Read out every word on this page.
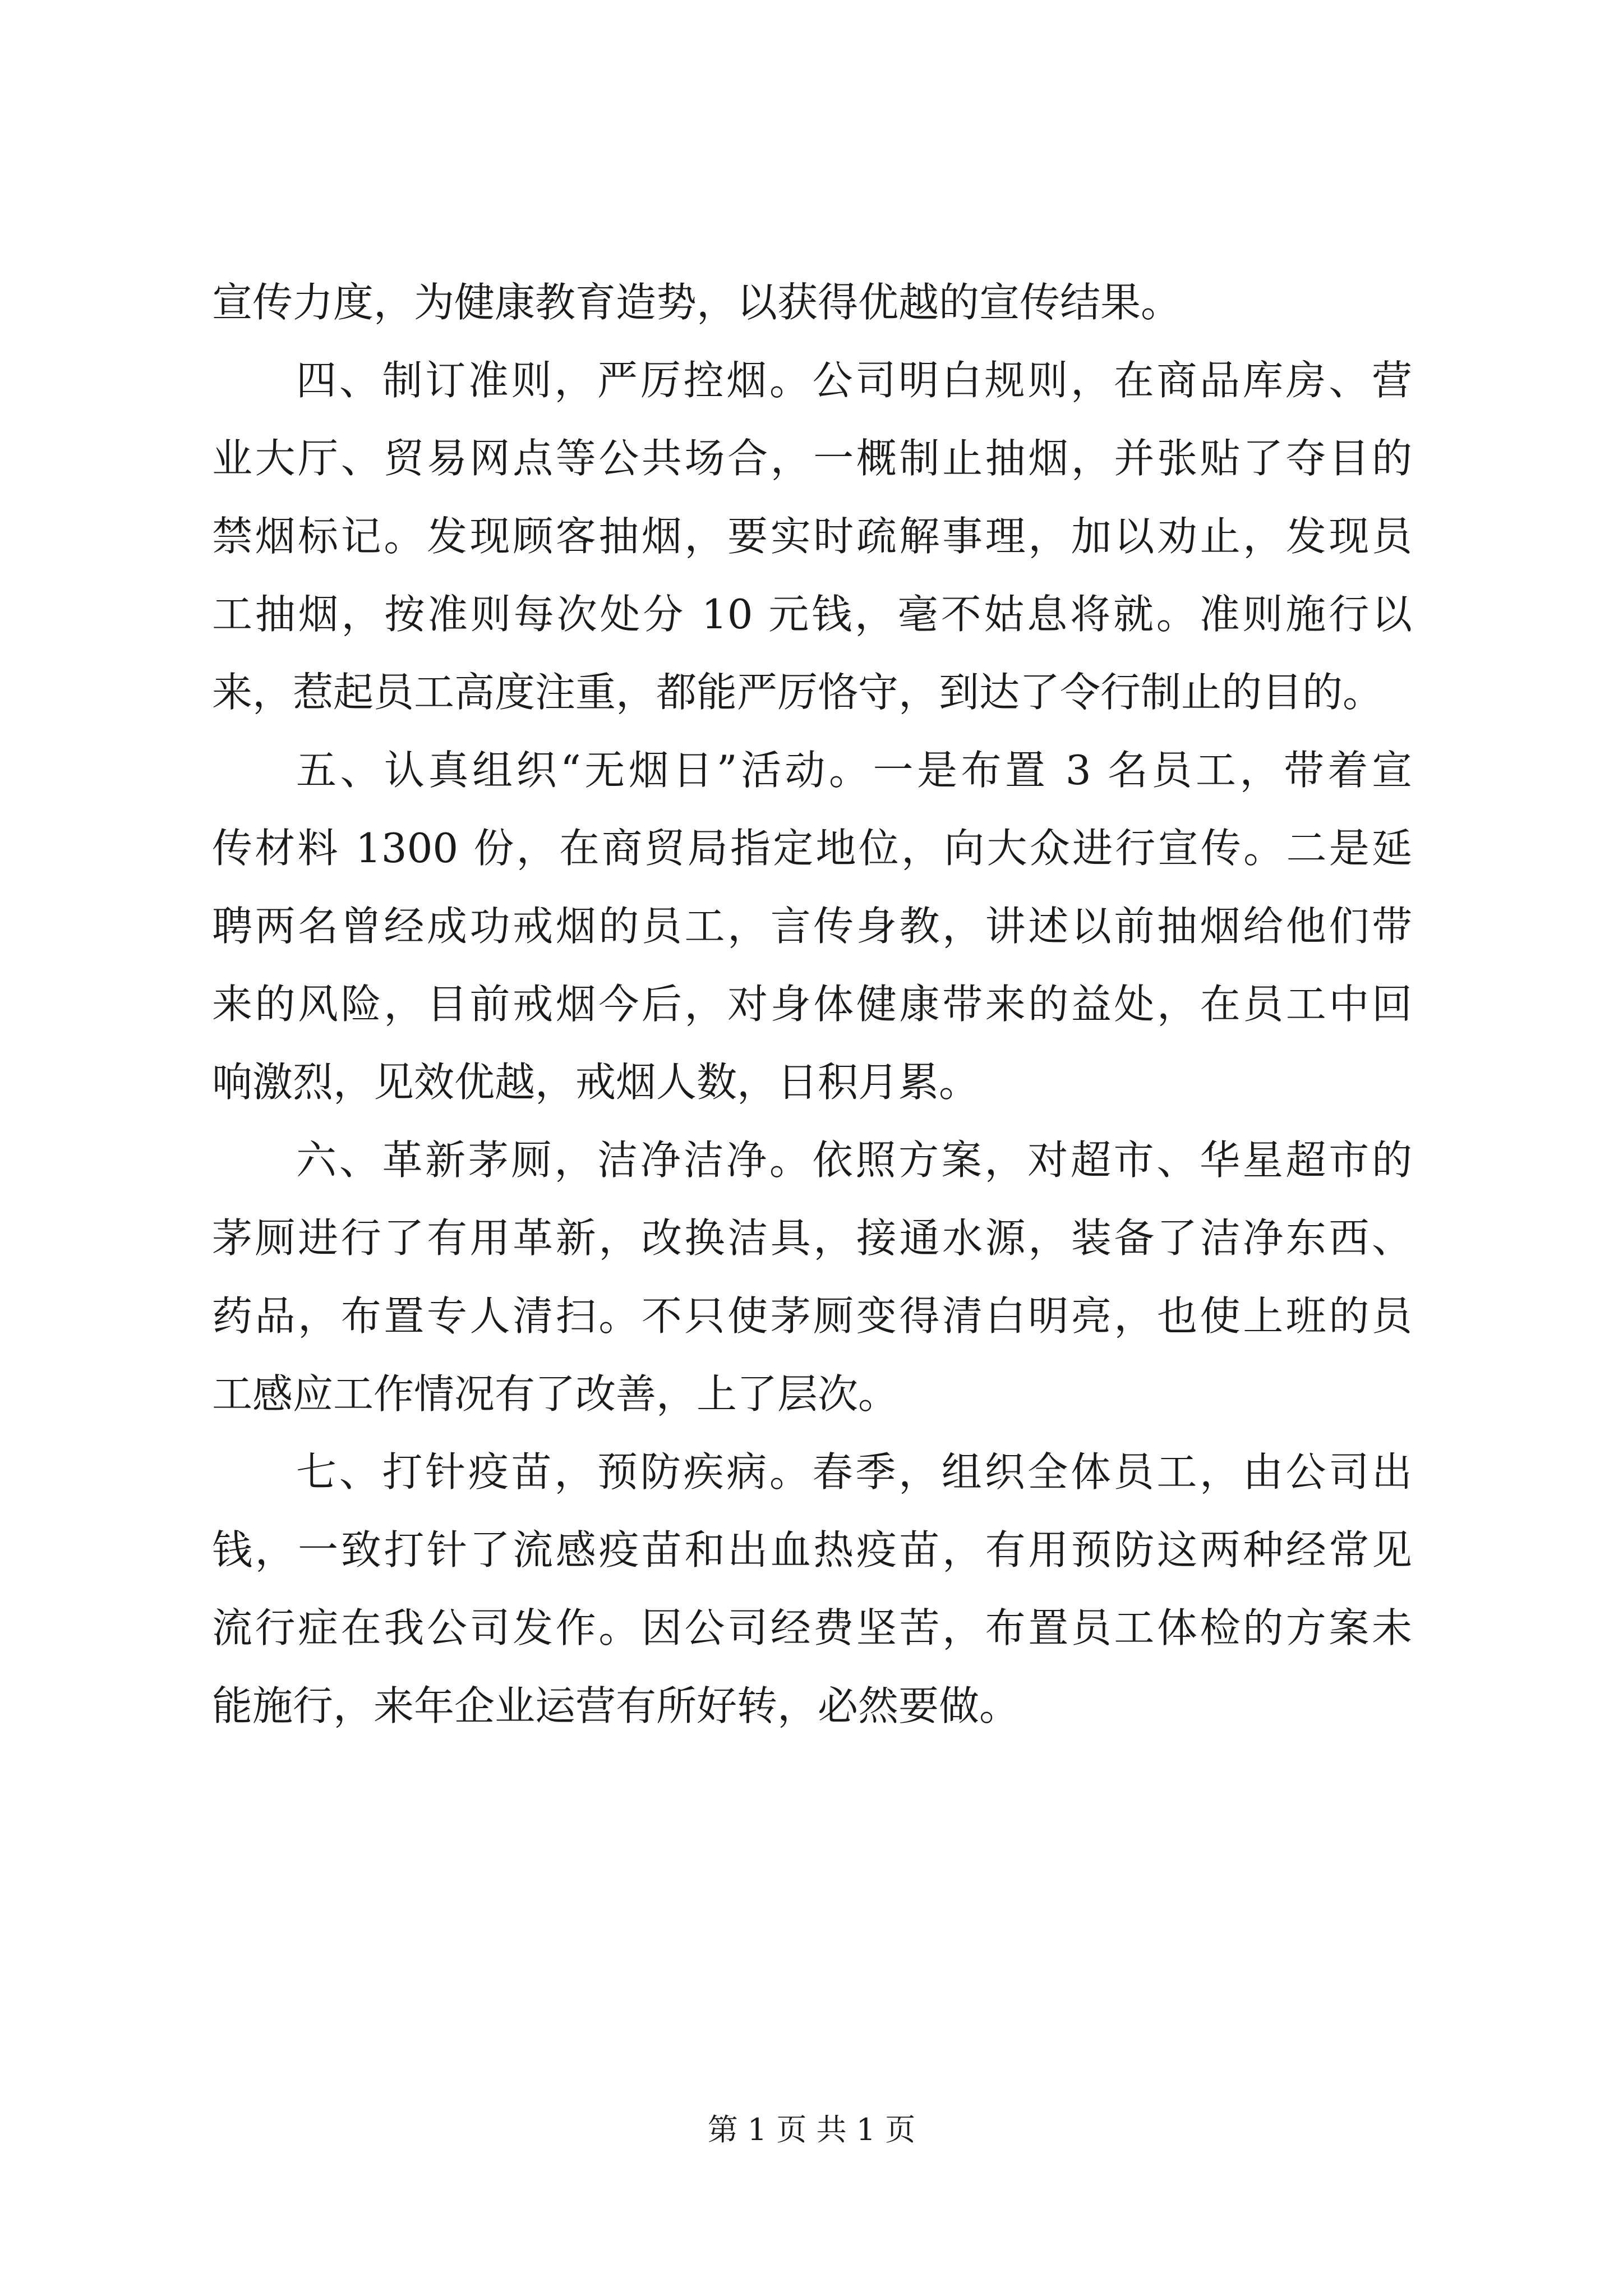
宣传力度，为健康教育造势，以获得优越的宣传结果。
四、制订准则，严厉控烟。公司明白规则，在商品库房、营
业大厅、贸易网点等公共场合，一概制止抽烟，并张贴了夺目的
禁烟标记。发现顾客抽烟，要实时疏解事理，加以劝止，发现员
工抽烟，按准则每次处分 10 元钱，毫不姑息将就。准则施行以
来，惹起员工高度注重，都能严厉恪守，到达了令行制止的目的。
五、认真组织“无烟日”活动。一是布置 3 名员工，带着宣
传材料 1300 份，在商贸局指定地位，向大众进行宣传。二是延
聘两名曾经成功戒烟的员工，言传身教，讲述以前抽烟给他们带
来的风险，目前戒烟今后，对身体健康带来的益处，在员工中回
响激烈，见效优越，戒烟人数，日积月累。
六、革新茅厕，洁净洁净。依照方案，对超市、华星超市的
茅厕进行了有用革新，改换洁具，接通水源，装备了洁净东西、
药品，布置专人清扫。不只使茅厕变得清白明亮，也使上班的员
工感应工作情况有了改善，上了层次。
七、打针疫苗，预防疾病。春季，组织全体员工，由公司出
钱，一致打针了流感疫苗和出血热疫苗，有用预防这两种经常见
流行症在我公司发作。因公司经费坚苦，布置员工体检的方案未
能施行，来年企业运营有所好转，必然要做。
第 1 页 共 1 页
